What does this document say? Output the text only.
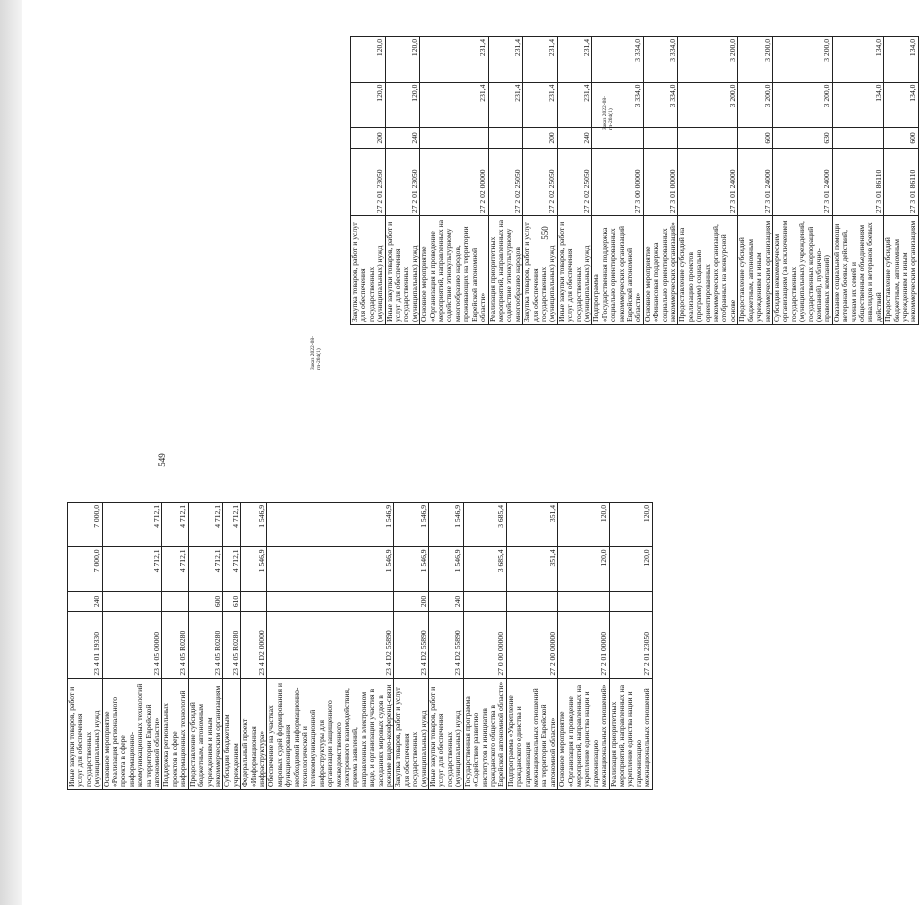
Иные закупки товаров, работ и услуг для обеспечения государственных (муниципальных) нужд	23 4 01 19330	240	7 000,0	7 000,0
Основное мероприятие «Реализация регионального проекта в сфере информационно-коммуникационных технологий на территории Еврейской автономной области»	23 4 05 00000		4 712,1	4 712,1
Поддержка региональных проектов в сфере информационных технологий	23 4 05 R0280		4 712,1	4 712,1
Предоставление субсидий бюджетным, автономным учреждениям и иным некоммерческим организациям	23 4 05 R0280	600	4 712,1	4 712,1
Субсидии бюджетным учреждениям	23 4 05 R0280	610	4 712,1	4 712,1
Федеральный проект «Информационная инфраструктура»	23 4 D2 00000		1 546,9	1 546,9
Обеспечение на участках мировых судей формирования и функционирования необходимой информационно-технологической и телекоммуникационной инфраструктуры для организации защищенного межведомственного электронного взаимодействия, приема заявлений, направленных в электронном виде, и организации участия в заседаниях мировых судов в режиме видео-конференц-связи	23 4 D2 55890		1 546,9	1 546,9
Закупка товаров, работ и услуг для обеспечения государственных (муниципальных) нужд	23 4 D2 55890	200	1 546,9	1 546,9
Иные закупки товаров, работ и услуг для обеспечения государственных (муниципальных) нужд	23 4 D2 55890	240	1 546,9	1 546,9
Государственная программа «Содействие развитию институтов и инициатив гражданского общества в Еврейской автономной области»	27 0 00 00000		3 685,4	3 685,4
Подпрограмма «Укрепление гражданского единства и гармонизация межнациональных отношений на территории Еврейской автономной области»	27 2 00 00000		351,4	351,4
Основное мероприятие «Организация и проведение мероприятий, направленных на укрепление единства нации и гармонизацию межнациональных отношений»	27 2 01 00000		120,0	120,0
Реализация приоритетных мероприятий, направленных на укрепление единства нации и гармонизацию межнациональных отношений	27 2 01 23050		120,0	120,0
549
Заказ 2022-08-гп-204(1)
Закупка товаров, работ и услуг для обеспечения государственных (муниципальных) нужд	27 2 01 23050	200	120,0	120,0
Иные закупки товаров, работ и услуг для обеспечения государственных (муниципальных) нужд	27 2 01 23050	240	120,0	120,0
Основное мероприятие «Организация и проведение мероприятий, направленных на содействие этнокультурному многообразию народов, проживающих на территории Еврейской автономной области»	27 2 02 00000		231,4	231,4
Реализация приоритетных мероприятий, направленных на содействие этнокультурному многообразию народов	27 2 02 25050		231,4	231,4
Закупка товаров, работ и услуг для обеспечения государственных (муниципальных) нужд	27 2 02 25050	200	231,4	231,4
Иные закупки товаров, работ и услуг для обеспечения государственных (муниципальных) нужд	27 2 02 25050	240	231,4	231,4
Подпрограмма «Государственная поддержка социально ориентированных некоммерческих организаций Еврейской автономной области»	27 3 00 00000		3 334,0	3 334,0
Основное мероприятие «Финансовая поддержка социально ориентированных некоммерческих организаций»	27 3 01 00000		3 334,0	3 334,0
Предоставление субсидий на реализацию проектов (программ) социально ориентированных некоммерческих организаций, отобранных на конкурсной основе	27 3 01 24000		3 200,0	3 200,0
Предоставление субсидий бюджетным, автономным учреждениям и иным некоммерческим организациям	27 3 01 24000	600	3 200,0	3 200,0
Субсидии некоммерческим организациям (за исключением государственных (муниципальных) учреждений, государственных корпораций (компаний), публично-правовых компаний)	27 3 01 24000	630	3 200,0	3 200,0
Оказание социальной помощи ветеранам боевых действий, членам их семей и общественным объединениям инвалидов и ветеранов боевых действий	27 3 01 86110		134,0	134,0
Предоставление субсидий бюджетным, автономным учреждениям и иным некоммерческим организациям	27 3 01 86110	600	134,0	134,0
550
Заказ 2022-08-гп-204(1)
